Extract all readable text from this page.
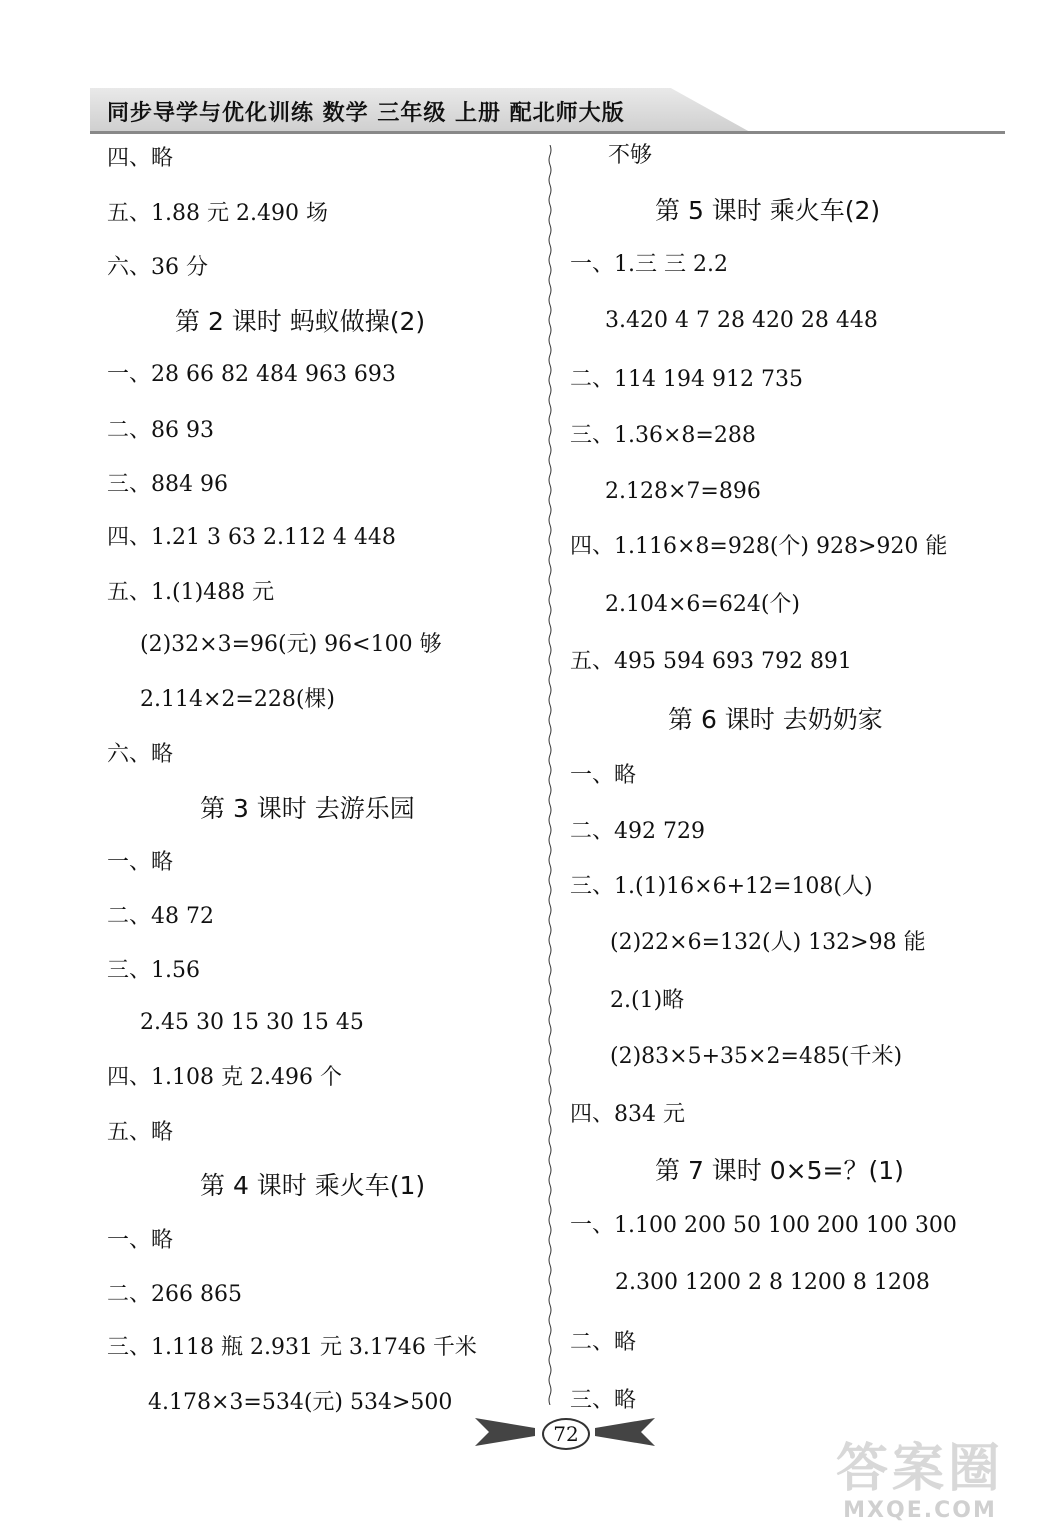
同步导学与优化训练 数学 三年级 上册 配北师大版
四、略
五、1.88 元 2.490 场
六、36 分
第 2 课时 蚂蚁做操(2)
一、28 66 82 484 963 693
二、86 93
三、884 96
四、1.21 3 63 2.112 4 448
五、1.(1)488 元
(2)32×3=96(元) 96<100 够
2.114×2=228(棵)
六、略
第 3 课时 去游乐园
一、略
二、48 72
三、1.56
2.45 30 15 30 15 45
四、1.108 克 2.496 个
五、略
第 4 课时 乘火车(1)
一、略
二、266 865
三、1.118 瓶 2.931 元 3.1746 千米
4.178×3=534(元) 534>500
不够
第 5 课时 乘火车(2)
一、1.三 三 2.2
3.420 4 7 28 420 28 448
二、114 194 912 735
三、1.36×8=288
2.128×7=896
四、1.116×8=928(个) 928>920 能
2.104×6=624(个)
五、495 594 693 792 891
第 6 课时 去奶奶家
一、略
二、492 729
三、1.(1)16×6+12=108(人)
(2)22×6=132(人) 132>98 能
2.(1)略
(2)83×5+35×2=485(千米)
四、834 元
第 7 课时 0×5=？(1)
一、1.100 200 50 100 200 100 300
2.300 1200 2 8 1200 8 1208
二、略
三、略
72
答案圈
MXQE.COM
